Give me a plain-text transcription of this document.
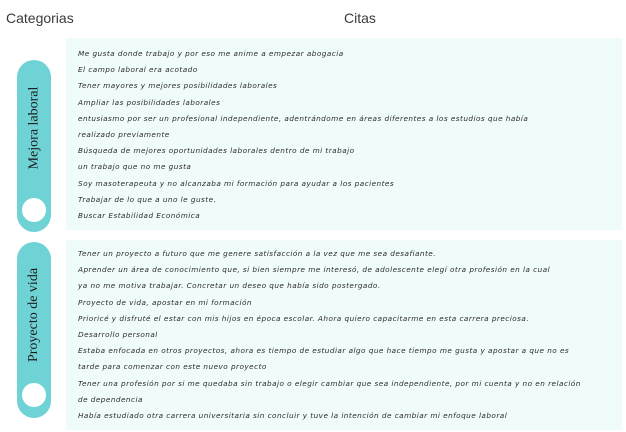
Categorias	Citas
Mejora laboral
Me gusta donde trabajo y por eso me anime a empezar abogacia
El campo laboral era acotado
Tener mayores y mejores posibilidades laborales
Ampliar las posibilidades laborales
entusiasmo por ser un profesional independiente, adentrándome en áreas diferentes a los estudios que había
realizado previamente
Búsqueda de mejores oportunidades laborales dentro de mi trabajo
un trabajo que no me gusta
Soy masoterapeuta y no alcanzaba mi formación para ayudar a los pacientes
Trabajar de lo que a uno le guste.
Buscar Estabilidad Económica
Proyecto de vida
Tener un proyecto a futuro que me genere satisfacción a la vez que me sea desafiante.
Aprender un área de conocimiento que, si bien siempre me interesó, de adolescente elegí otra profesión en la cual
ya no me motiva trabajar. Concretar un deseo que había sido postergado.
Proyecto de vida, apostar en mi formación
Prioricé y disfruté el estar con mis hijos en época escolar. Ahora quiero capacitarme en esta carrera preciosa.
Desarrollo personal
Estaba enfocada en otros proyectos, ahora es tiempo de estudiar algo que hace tiempo me gusta y apostar a que no es
tarde para comenzar con este nuevo proyecto
Tener una profesión por si me quedaba sin trabajo o elegir cambiar que sea independiente, por mi cuenta y no en relación
de dependencia
Había estudiado otra carrera universitaria sin concluir y tuve la intención de cambiar mi enfoque laboral
